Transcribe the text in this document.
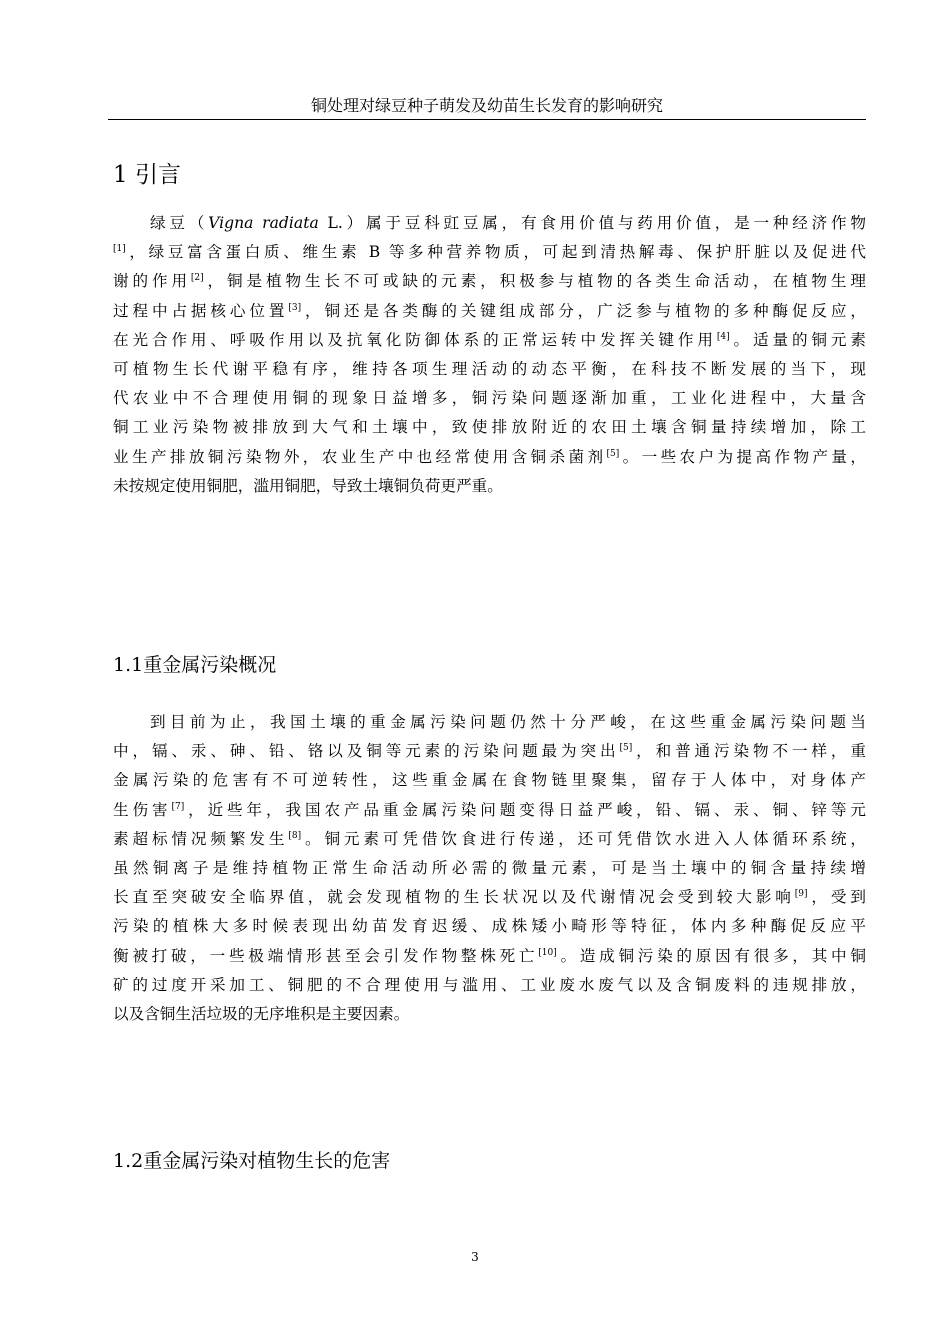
铜处理对绿豆种子萌发及幼苗生长发育的影响研究
1 引言

绿豆（Vigna radiata L.）属于豆科豇豆属，有食用价值与药用价值，是一种经济作物
[1]，绿豆富含蛋白质、维生素 B 等多种营养物质，可起到清热解毒、保护肝脏以及促进代
谢的作用[2]，铜是植物生长不可或缺的元素，积极参与植物的各类生命活动，在植物生理
过程中占据核心位置[3]，铜还是各类酶的关键组成部分，广泛参与植物的多种酶促反应，
在光合作用、呼吸作用以及抗氧化防御体系的正常运转中发挥关键作用[4]。适量的铜元素
可植物生长代谢平稳有序，维持各项生理活动的动态平衡，在科技不断发展的当下，现
代农业中不合理使用铜的现象日益增多，铜污染问题逐渐加重，工业化进程中，大量含
铜工业污染物被排放到大气和土壤中，致使排放附近的农田土壤含铜量持续增加，除工
业生产排放铜污染物外，农业生产中也经常使用含铜杀菌剂[5]。一些农户为提高作物产量，
未按规定使用铜肥，滥用铜肥，导致土壤铜负荷更严重。

1.1重金属污染概况

到目前为止，我国土壤的重金属污染问题仍然十分严峻，在这些重金属污染问题当
中，镉、汞、砷、铅、铬以及铜等元素的污染问题最为突出[5]，和普通污染物不一样，重
金属污染的危害有不可逆转性，这些重金属在食物链里聚集，留存于人体中，对身体产
生伤害[7]，近些年，我国农产品重金属污染问题变得日益严峻，铅、镉、汞、铜、锌等元
素超标情况频繁发生[8]。铜元素可凭借饮食进行传递，还可凭借饮水进入人体循环系统，
虽然铜离子是维持植物正常生命活动所必需的微量元素，可是当土壤中的铜含量持续增
长直至突破安全临界值，就会发现植物的生长状况以及代谢情况会受到较大影响[9]，受到
污染的植株大多时候表现出幼苗发育迟缓、成株矮小畸形等特征，体内多种酶促反应平
衡被打破，一些极端情形甚至会引发作物整株死亡[10]。造成铜污染的原因有很多，其中铜
矿的过度开采加工、铜肥的不合理使用与滥用、工业废水废气以及含铜废料的违规排放，
以及含铜生活垃圾的无序堆积是主要因素。

1.2重金属污染对植物生长的危害
3
